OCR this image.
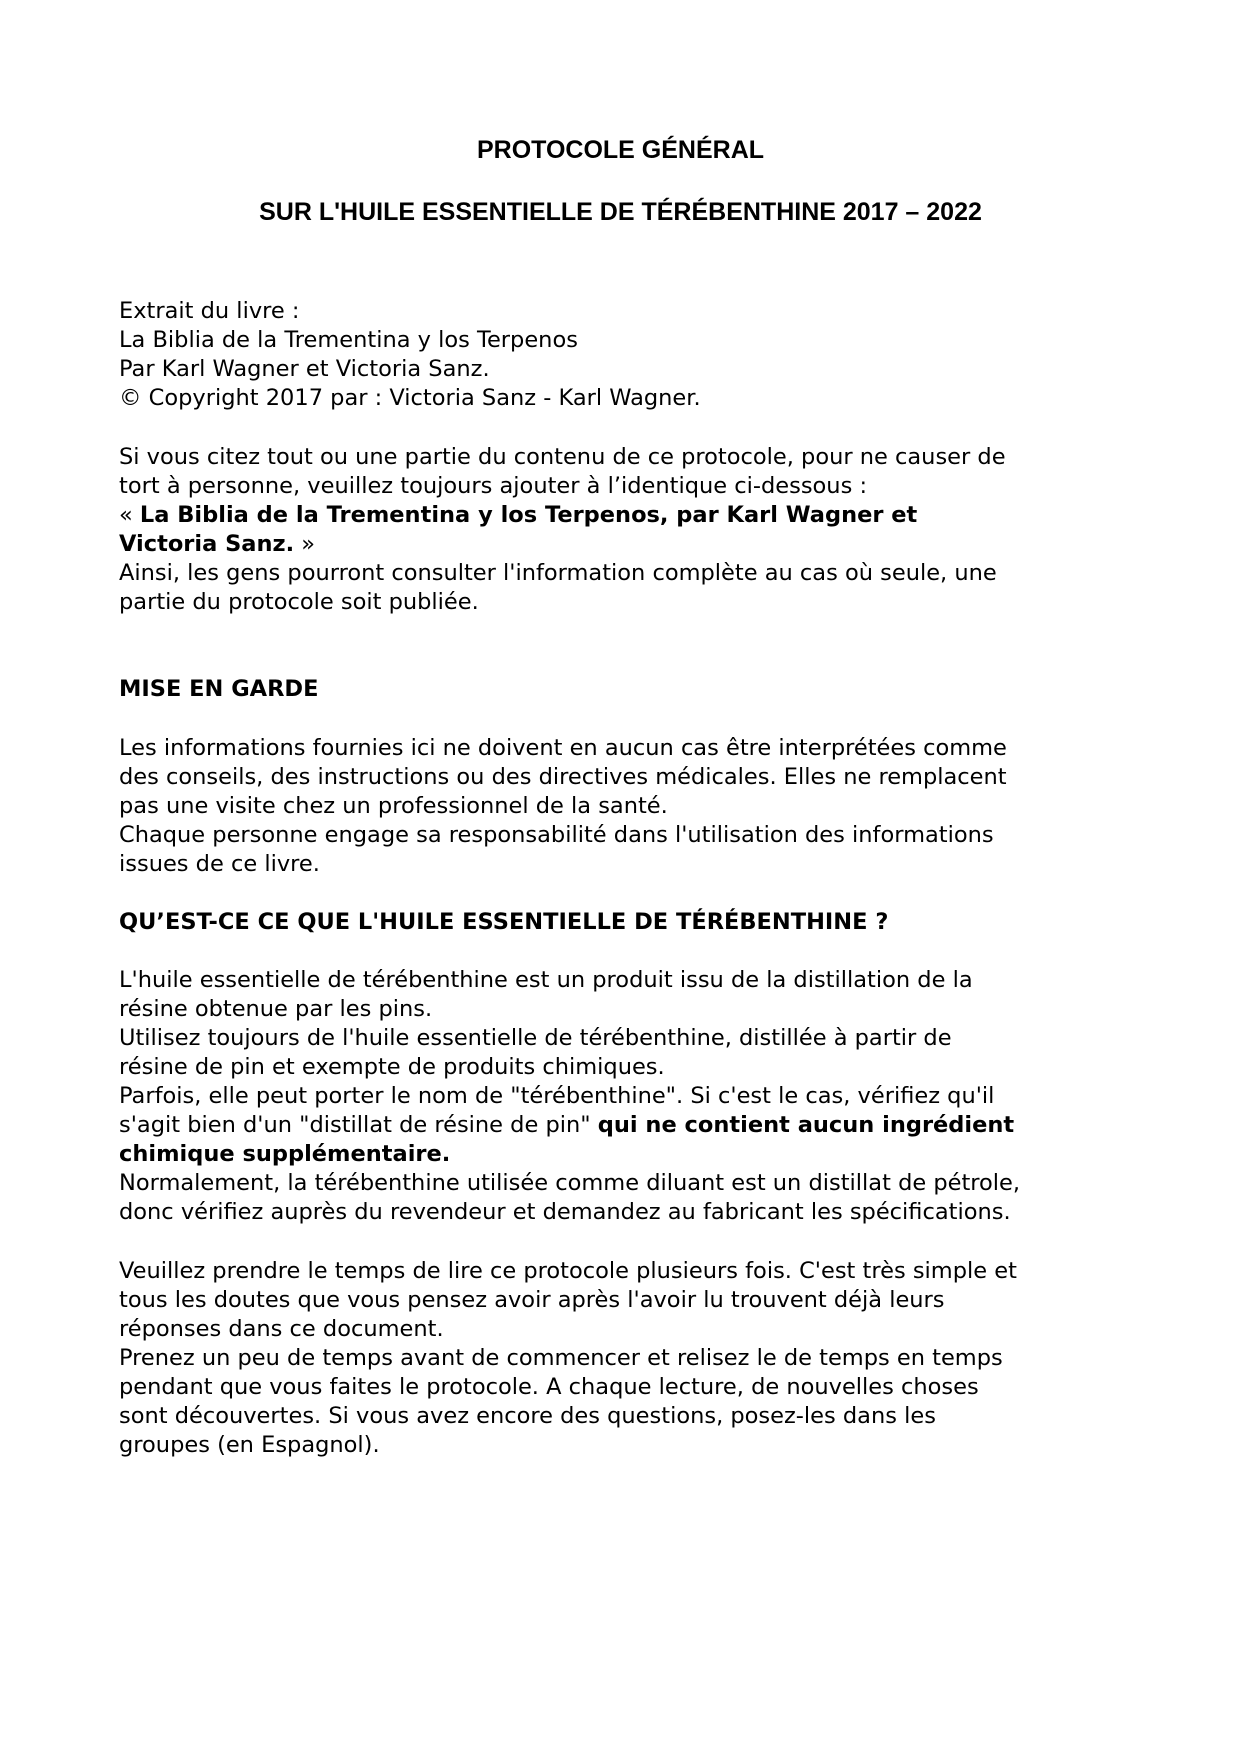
PROTOCOLE GÉNÉRAL
SUR L'HUILE ESSENTIELLE DE TÉRÉBENTHINE 2017 – 2022
Extrait du livre :
La Biblia de la Trementina y los Terpenos
Par Karl Wagner et Victoria Sanz.
© Copyright 2017 par : Victoria Sanz - Karl Wagner.
Si vous citez tout ou une partie du contenu de ce protocole, pour ne causer de
tort à personne, veuillez toujours ajouter à l’identique ci-dessous :
« La Biblia de la Trementina y los Terpenos, par Karl Wagner et
Victoria Sanz. »
Ainsi, les gens pourront consulter l'information complète au cas où seule, une
partie du protocole soit publiée.
MISE EN GARDE
Les informations fournies ici ne doivent en aucun cas être interprétées comme
des conseils, des instructions ou des directives médicales. Elles ne remplacent
pas une visite chez un professionnel de la santé.
Chaque personne engage sa responsabilité dans l'utilisation des informations
issues de ce livre.
QU’EST-CE CE QUE L'HUILE ESSENTIELLE DE TÉRÉBENTHINE ?
L'huile essentielle de térébenthine est un produit issu de la distillation de la
résine obtenue par les pins.
Utilisez toujours de l'huile essentielle de térébenthine, distillée à partir de
résine de pin et exempte de produits chimiques.
Parfois, elle peut porter le nom de "térébenthine". Si c'est le cas, vérifiez qu'il
s'agit bien d'un "distillat de résine de pin" qui ne contient aucun ingrédient
chimique supplémentaire.
Normalement, la térébenthine utilisée comme diluant est un distillat de pétrole,
donc vérifiez auprès du revendeur et demandez au fabricant les spécifications.
Veuillez prendre le temps de lire ce protocole plusieurs fois. C'est très simple et
tous les doutes que vous pensez avoir après l'avoir lu trouvent déjà leurs
réponses dans ce document.
Prenez un peu de temps avant de commencer et relisez le de temps en temps
pendant que vous faites le protocole. A chaque lecture, de nouvelles choses
sont découvertes. Si vous avez encore des questions, posez-les dans les
groupes (en Espagnol).
